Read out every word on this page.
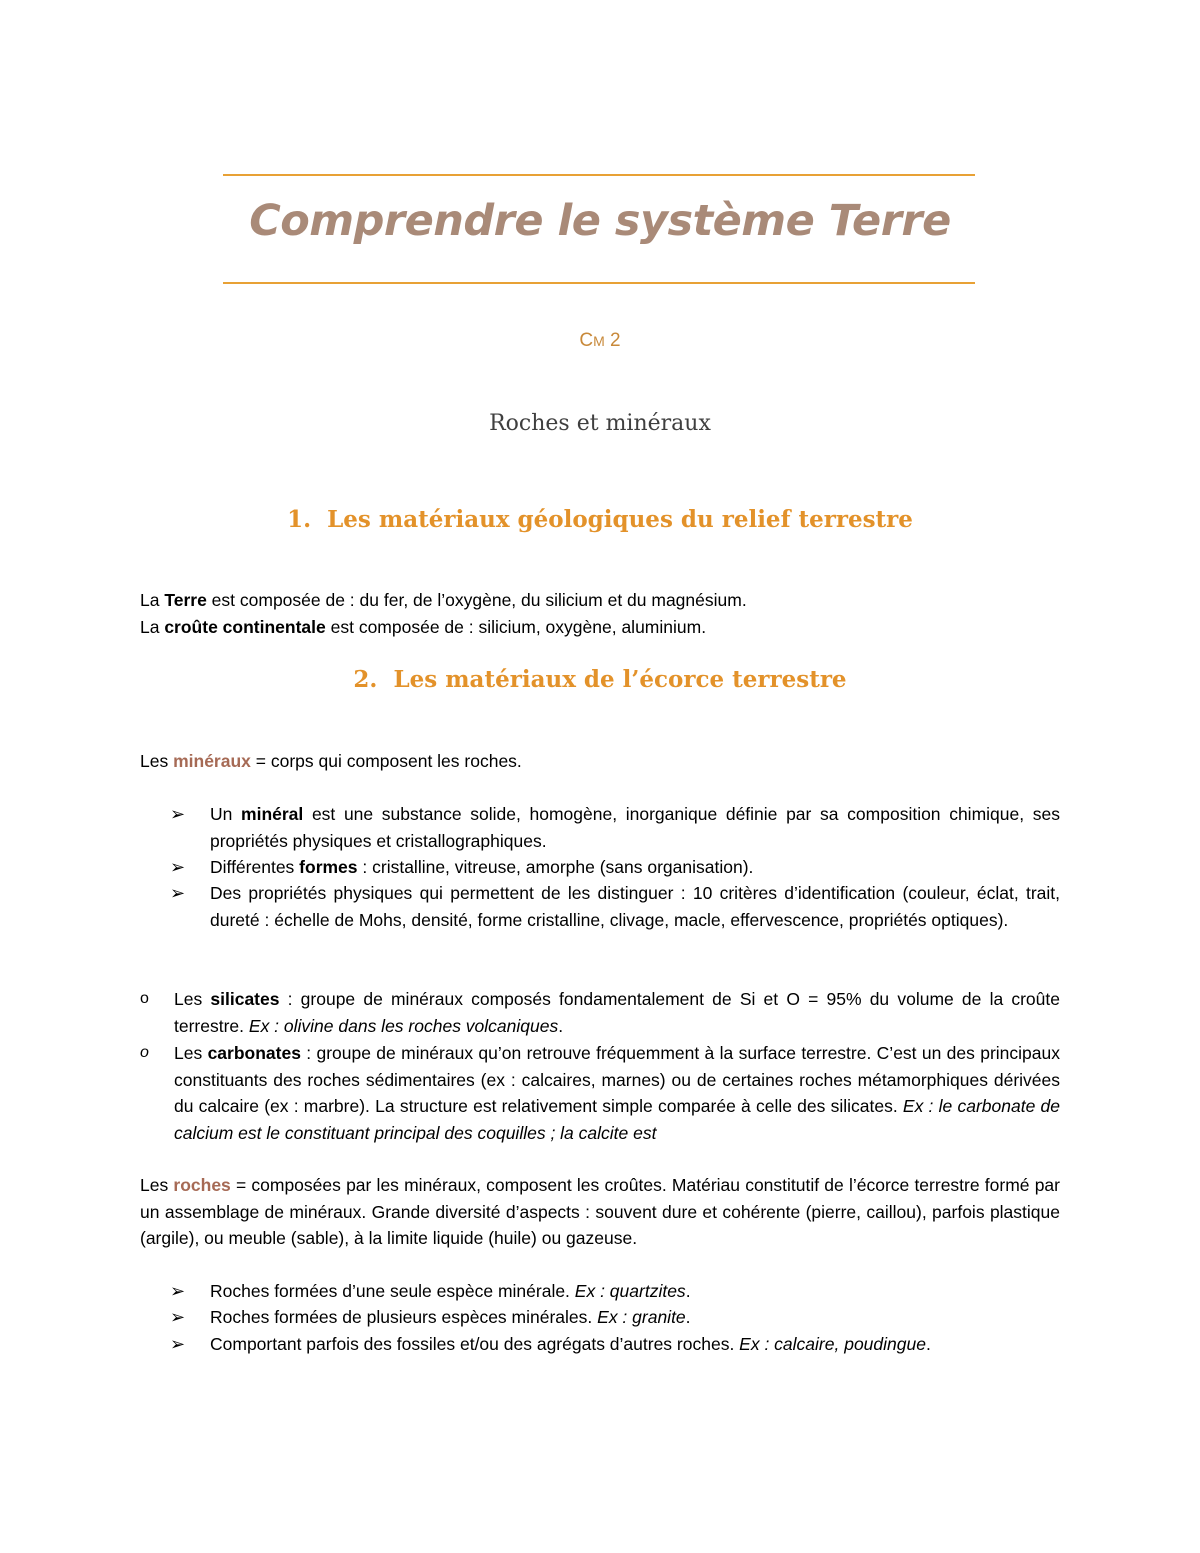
Comprendre le système Terre
CM 2
Roches et minéraux
1. Les matériaux géologiques du relief terrestre
La Terre est composée de : du fer, de l’oxygène, du silicium et du magnésium.
La croûte continentale est composée de : silicium, oxygène, aluminium.
2. Les matériaux de l’écorce terrestre
Les minéraux = corps qui composent les roches.
➢ Un minéral est une substance solide, homogène, inorganique définie par sa composition chimique, ses propriétés physiques et cristallographiques.
➢ Différentes formes : cristalline, vitreuse, amorphe (sans organisation).
➢ Des propriétés physiques qui permettent de les distinguer : 10 critères d’identification (couleur, éclat, trait, dureté : échelle de Mohs, densité, forme cristalline, clivage, macle, effervescence, propriétés optiques).
o Les silicates : groupe de minéraux composés fondamentalement de Si et O = 95% du volume de la croûte terrestre. Ex : olivine dans les roches volcaniques.
o Les carbonates : groupe de minéraux qu’on retrouve fréquemment à la surface terrestre. C’est un des principaux constituants des roches sédimentaires (ex : calcaires, marnes) ou de certaines roches métamorphiques dérivées du calcaire (ex : marbre). La structure est relativement simple comparée à celle des silicates. Ex : le carbonate de calcium est le constituant principal des coquilles ; la calcite est
Les roches = composées par les minéraux, composent les croûtes. Matériau constitutif de l’écorce terrestre formé par un assemblage de minéraux. Grande diversité d’aspects : souvent dure et cohérente (pierre, caillou), parfois plastique (argile), ou meuble (sable), à la limite liquide (huile) ou gazeuse.
➢ Roches formées d’une seule espèce minérale. Ex : quartzites.
➢ Roches formées de plusieurs espèces minérales. Ex : granite.
➢ Comportant parfois des fossiles et/ou des agrégats d’autres roches. Ex : calcaire, poudingue.
